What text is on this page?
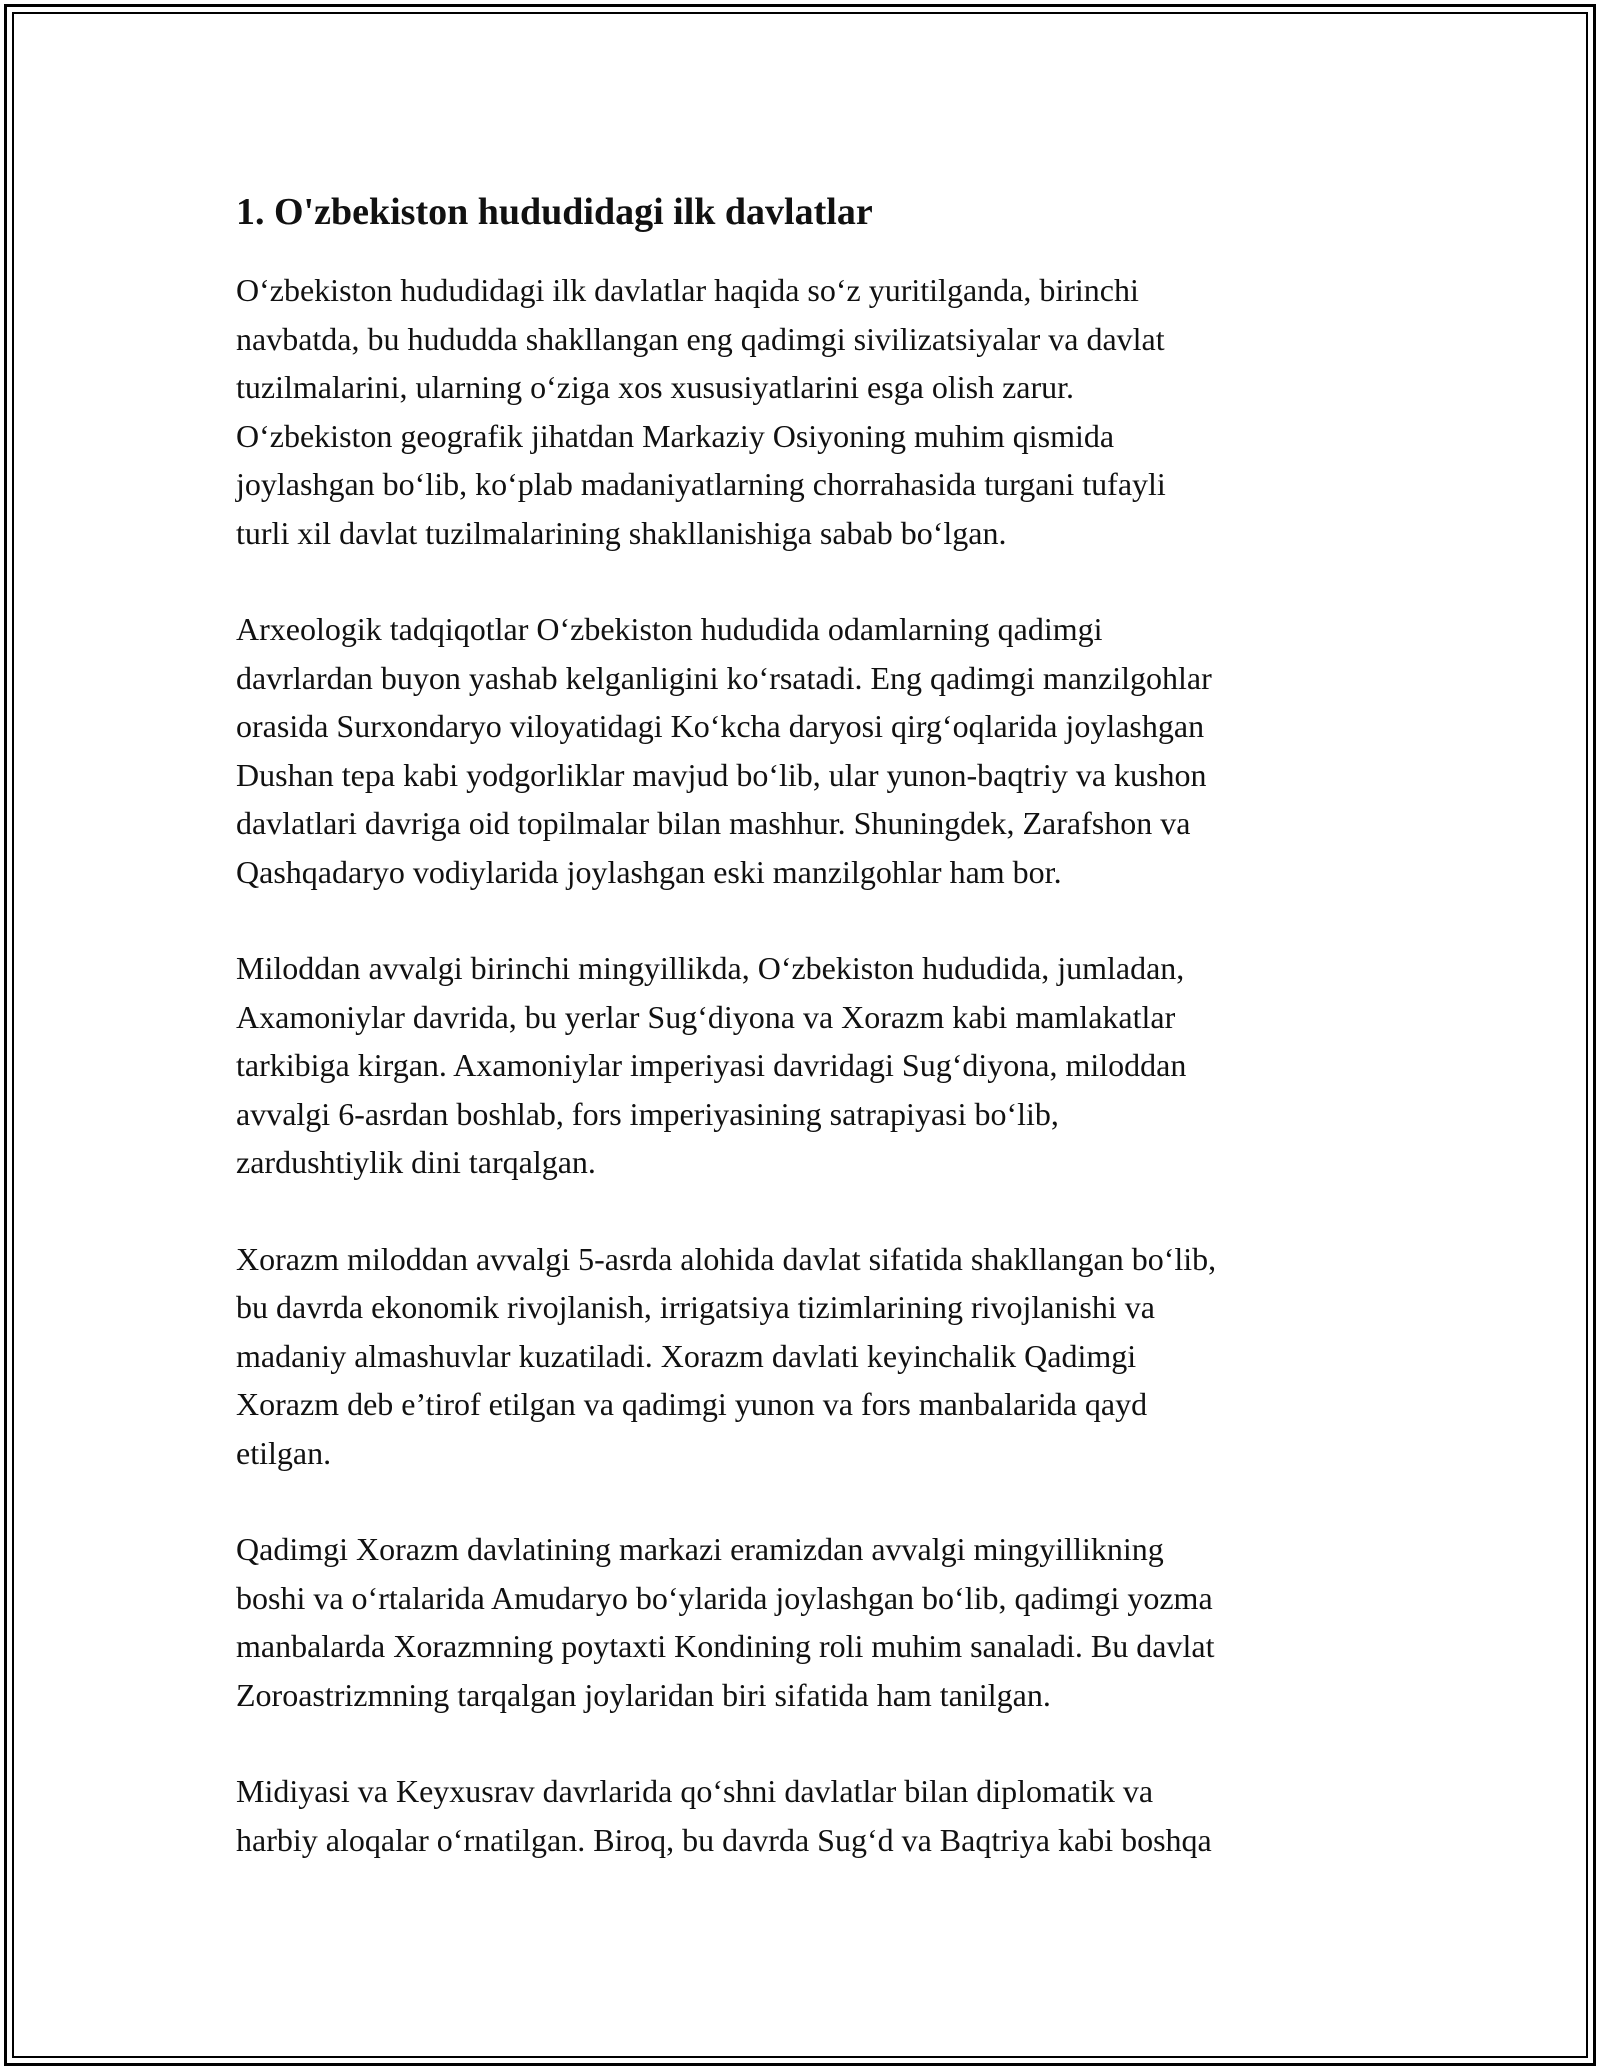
1. O'zbekiston hududidagi ilk davlatlar

O‘zbekiston hududidagi ilk davlatlar haqida so‘z yuritilganda, birinchi
navbatda, bu hududda shakllangan eng qadimgi sivilizatsiyalar va davlat
tuzilmalarini, ularning o‘ziga xos xususiyatlarini esga olish zarur.
O‘zbekiston geografik jihatdan Markaziy Osiyoning muhim qismida
joylashgan bo‘lib, ko‘plab madaniyatlarning chorrahasida turgani tufayli
turli xil davlat tuzilmalarining shakllanishiga sabab bo‘lgan.

Arxeologik tadqiqotlar O‘zbekiston hududida odamlarning qadimgi
davrlardan buyon yashab kelganligini ko‘rsatadi. Eng qadimgi manzilgohlar
orasida Surxondaryo viloyatidagi Ko‘kcha daryosi qirg‘oqlarida joylashgan
Dushan tepa kabi yodgorliklar mavjud bo‘lib, ular yunon-baqtriy va kushon
davlatlari davriga oid topilmalar bilan mashhur. Shuningdek, Zarafshon va
Qashqadaryo vodiylarida joylashgan eski manzilgohlar ham bor.

Miloddan avvalgi birinchi mingyillikda, O‘zbekiston hududida, jumladan,
Axamoniylar davrida, bu yerlar Sug‘diyona va Xorazm kabi mamlakatlar
tarkibiga kirgan. Axamoniylar imperiyasi davridagi Sug‘diyona, miloddan
avvalgi 6-asrdan boshlab, fors imperiyasining satrapiyasi bo‘lib,
zardushtiylik dini tarqalgan.

Xorazm miloddan avvalgi 5-asrda alohida davlat sifatida shakllangan bo‘lib,
bu davrda ekonomik rivojlanish, irrigatsiya tizimlarining rivojlanishi va
madaniy almashuvlar kuzatiladi. Xorazm davlati keyinchalik Qadimgi
Xorazm deb e’tirof etilgan va qadimgi yunon va fors manbalarida qayd
etilgan.

Qadimgi Xorazm davlatining markazi eramizdan avvalgi mingyillikning
boshi va o‘rtalarida Amudaryo bo‘ylarida joylashgan bo‘lib, qadimgi yozma
manbalarda Xorazmning poytaxti Kondining roli muhim sanaladi. Bu davlat
Zoroastrizmning tarqalgan joylaridan biri sifatida ham tanilgan.

Midiyasi va Keyxusrav davrlarida qo‘shni davlatlar bilan diplomatik va
harbiy aloqalar o‘rnatilgan. Biroq, bu davrda Sug‘d va Baqtriya kabi boshqa
